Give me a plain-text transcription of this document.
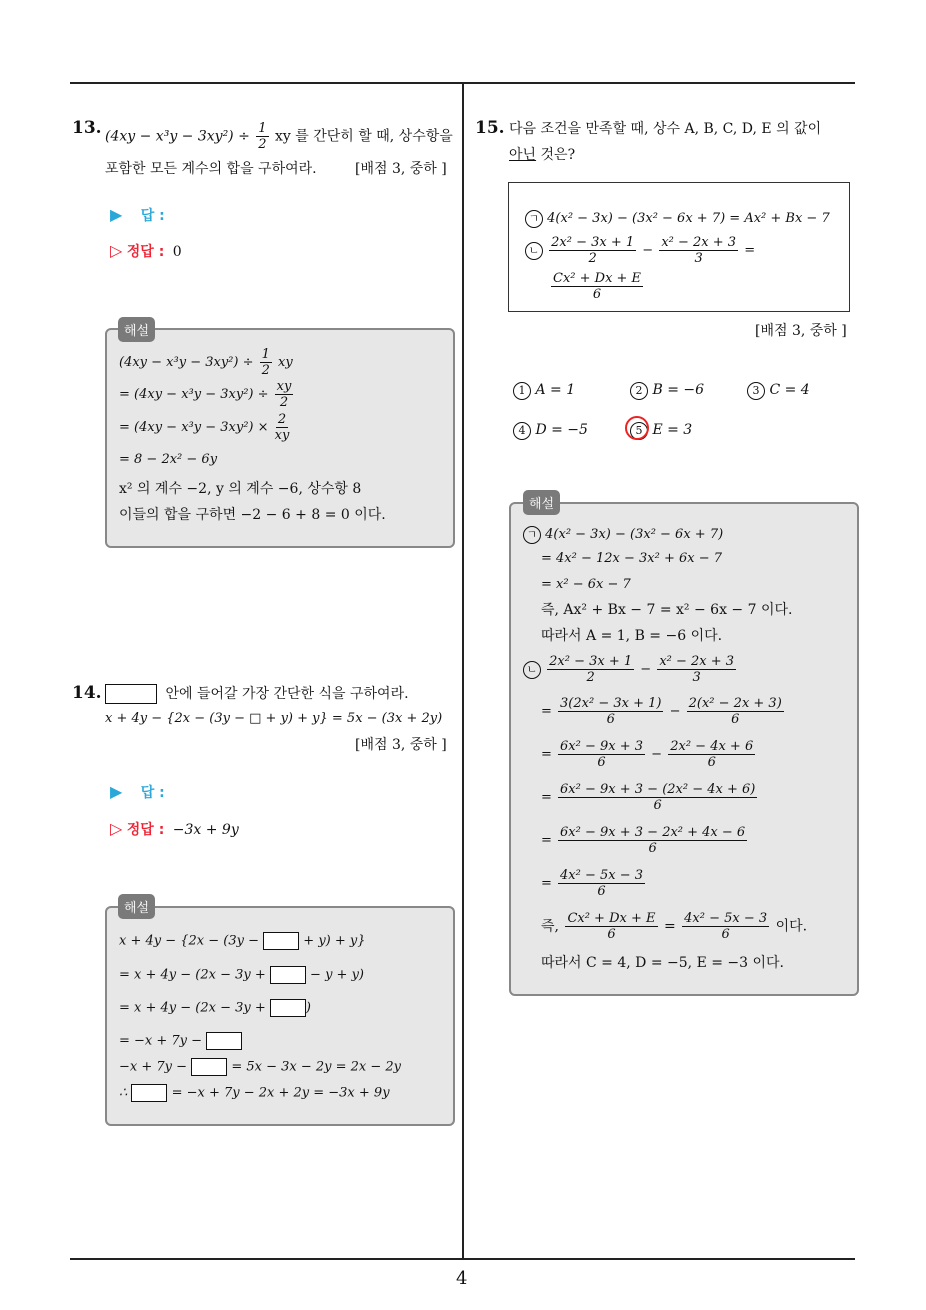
4
13. $(4xy - x^3y - 3xy^2) \div \frac{1}{2}$ xy 를 간단히 할 때, 상수항을
포함한 모든 계수의 합을 구하여라.	[배점 3, 중하 ]
▶ 답 :
▷ 정답 : 0
해설
$(4xy - x^3y - 3xy^2) \div \frac{1}{2}$ xy
= $(4xy - x^3y - 3xy^2) \div \frac{xy}{2}$
= $(4xy - x^3y - 3xy^2) \times \frac{2}{xy}$
= 8 − 2x² − 6y
x² 의 계수 −2, y 의 계수 −6, 상수항 8
이들의 합을 구하면 −2 − 6 + 8 = 0 이다.
14.	안에 들어갈 가장 간단한 식을 구하여라.
x + 4y − {2x − (3y − □ + y) + y} = 5x − (3x + 2y)
[배점 3, 중하 ]
▶ 답 :
▷ 정답 : −3x + 9y
해설
x + 4y − {2x − (3y −	+ y) + y}
= x + 4y − (2x − 3y +	− y + y)
= x + 4y − (2x − 3y +	)
= −x + 7y −
−x + 7y −	= 5x − 3x − 2y = 2x − 2y
∴	= −x + 7y − 2x + 2y = −3x + 9y
15. 다음 조건을 만족할 때, 상수 A, B, C, D, E 의 값이
아닌 것은?
ㄱ 4(x² − 3x) − (3x² − 6x + 7) = Ax² + Bx − 7
ㄴ $\frac{\text{2x² − 3x + 1}}{2} - \frac{\text{x² − 2x + 3}}{3}$ =
$\frac{\text{Cx² + Dx + E}}{6}$
[배점 3, 중하 ]
1 A = 1	2 B = −6	3 C = 4
4 D = −5	5 E = 3
해설
ㄱ 4(x² − 3x) − (3x² − 6x + 7)
= 4x² − 12x − 3x² + 6x − 7
= x² − 6x − 7
즉, Ax² + Bx − 7 = x² − 6x − 7 이다.
따라서 A = 1, B = −6 이다.
ㄴ $\frac{\text{2x² − 3x + 1}}{2} - \frac{\text{x² − 2x + 3}}{3}$
= $\frac{\text{3(2x² − 3x + 1)}}{6} - \frac{\text{2(x² − 2x + 3)}}{6}$
= $\frac{\text{6x² − 9x + 3}}{6} - \frac{\text{2x² − 4x + 6}}{6}$
= $\frac{\text{6x² − 9x + 3 − (2x² − 4x + 6)}}{6}$
= $\frac{\text{6x² − 9x + 3 − 2x² + 4x − 6}}{6}$
= $\frac{\text{4x² − 5x − 3}}{6}$
즉, $\frac{\text{Cx² + Dx + E}}{6} = \frac{\text{4x² − 5x − 3}}{6}$ 이다.
따라서 C = 4, D = −5, E = −3 이다.
